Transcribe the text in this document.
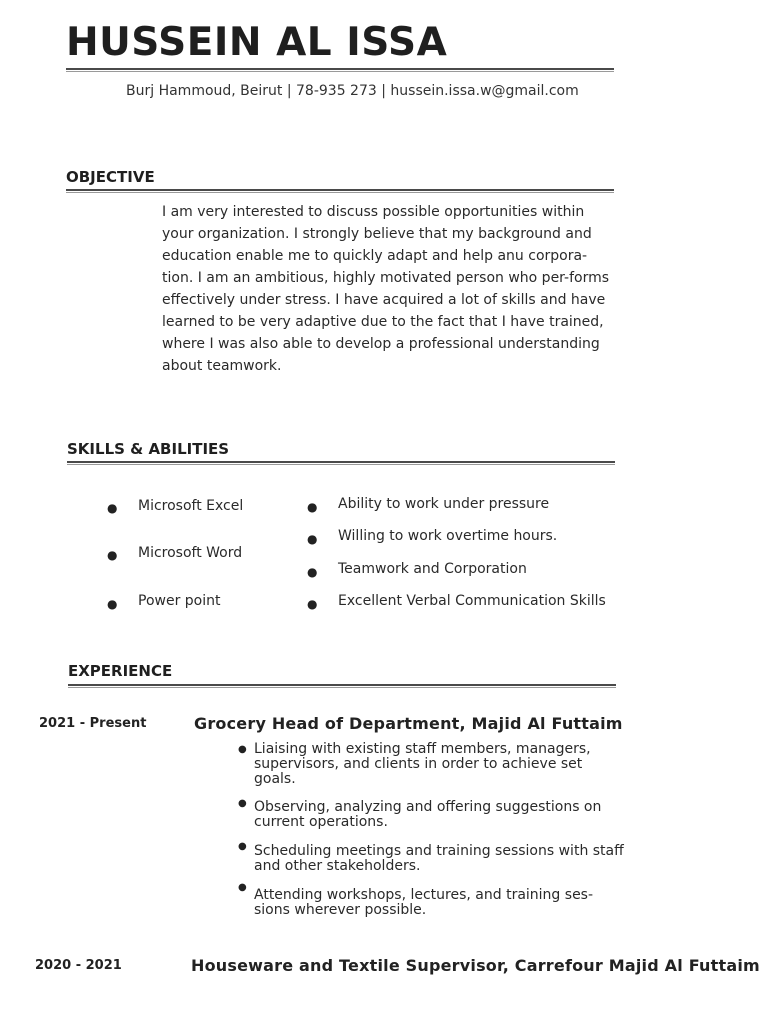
HUSSEIN AL ISSA
Burj Hammoud, Beirut | 78-935 273 | hussein.issa.w@gmail.com
OBJECTIVE

I am very interested to discuss possible opportunities within your organization. I strongly believe that my background and education enable me to quickly adapt and help anu corpora-tion. I am an ambitious, highly motivated person who per-forms effectively under stress. I have acquired a lot of skills and have learned to be very adaptive due to the fact that I have trained, where I was also able to develop a professional understanding about teamwork.

SKILLS & ABILITIES
● Microsoft Excel
● Microsoft Word
● Power point
● Ability to work under pressure
● Willing to work overtime hours.
● Teamwork and Corporation
● Excellent Verbal Communication Skills
EXPERIENCE
2021 - Present	Grocery Head of Department, Majid Al Futtaim
● Liaising with existing staff members, managers, supervisors, and clients in order to achieve set goals.
● Observing, analyzing and offering suggestions on current operations.
● Scheduling meetings and training sessions with staff and other stakeholders.
● Attending workshops, lectures, and training ses-sions wherever possible.
2020 - 2021	Houseware and Textile Supervisor, Carrefour Majid Al Futtaim
